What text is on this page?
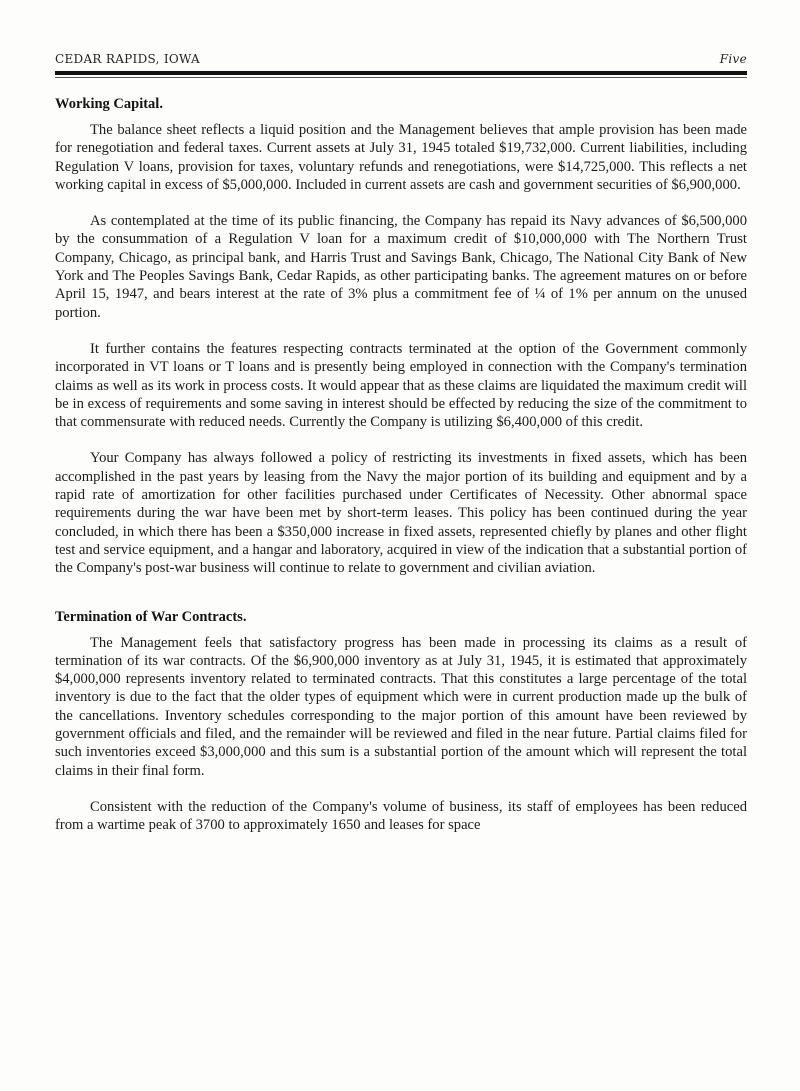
CEDAR RAPIDS, IOWA	Five
Working Capital.

The balance sheet reflects a liquid position and the Management believes that ample provision has been made for renegotiation and federal taxes. Current assets at July 31, 1945 totaled $19,732,000. Current liabilities, including Regulation V loans, provision for taxes, voluntary refunds and renegotiations, were $14,725,000. This reflects a net working capital in excess of $5,000,000. Included in current assets are cash and government securities of $6,900,000.

As contemplated at the time of its public financing, the Company has repaid its Navy advances of $6,500,000 by the consummation of a Regulation V loan for a maximum credit of $10,000,000 with The Northern Trust Company, Chicago, as principal bank, and Harris Trust and Savings Bank, Chicago, The National City Bank of New York and The Peoples Savings Bank, Cedar Rapids, as other participating banks. The agreement matures on or before April 15, 1947, and bears interest at the rate of 3% plus a commitment fee of ¼ of 1% per annum on the unused portion.

It further contains the features respecting contracts terminated at the option of the Government commonly incorporated in VT loans or T loans and is presently being employed in connection with the Company's termination claims as well as its work in process costs. It would appear that as these claims are liquidated the maximum credit will be in excess of requirements and some saving in interest should be effected by reducing the size of the commitment to that commensurate with reduced needs. Currently the Company is utilizing $6,400,000 of this credit.

Your Company has always followed a policy of restricting its investments in fixed assets, which has been accomplished in the past years by leasing from the Navy the major portion of its building and equipment and by a rapid rate of amortization for other facilities purchased under Certificates of Necessity. Other abnormal space requirements during the war have been met by short-term leases. This policy has been continued during the year concluded, in which there has been a $350,000 increase in fixed assets, represented chiefly by planes and other flight test and service equipment, and a hangar and laboratory, acquired in view of the indication that a substantial portion of the Company's post-war business will continue to relate to government and civilian aviation.

Termination of War Contracts.

The Management feels that satisfactory progress has been made in processing its claims as a result of termination of its war contracts. Of the $6,900,000 inventory as at July 31, 1945, it is estimated that approximately $4,000,000 represents inventory related to terminated contracts. That this constitutes a large percentage of the total inventory is due to the fact that the older types of equipment which were in current production made up the bulk of the cancellations. Inventory schedules corresponding to the major portion of this amount have been reviewed by government officials and filed, and the remainder will be reviewed and filed in the near future. Partial claims filed for such inventories exceed $3,000,000 and this sum is a substantial portion of the amount which will represent the total claims in their final form.

Consistent with the reduction of the Company's volume of business, its staff of employees has been reduced from a wartime peak of 3700 to approximately 1650 and leases for space
